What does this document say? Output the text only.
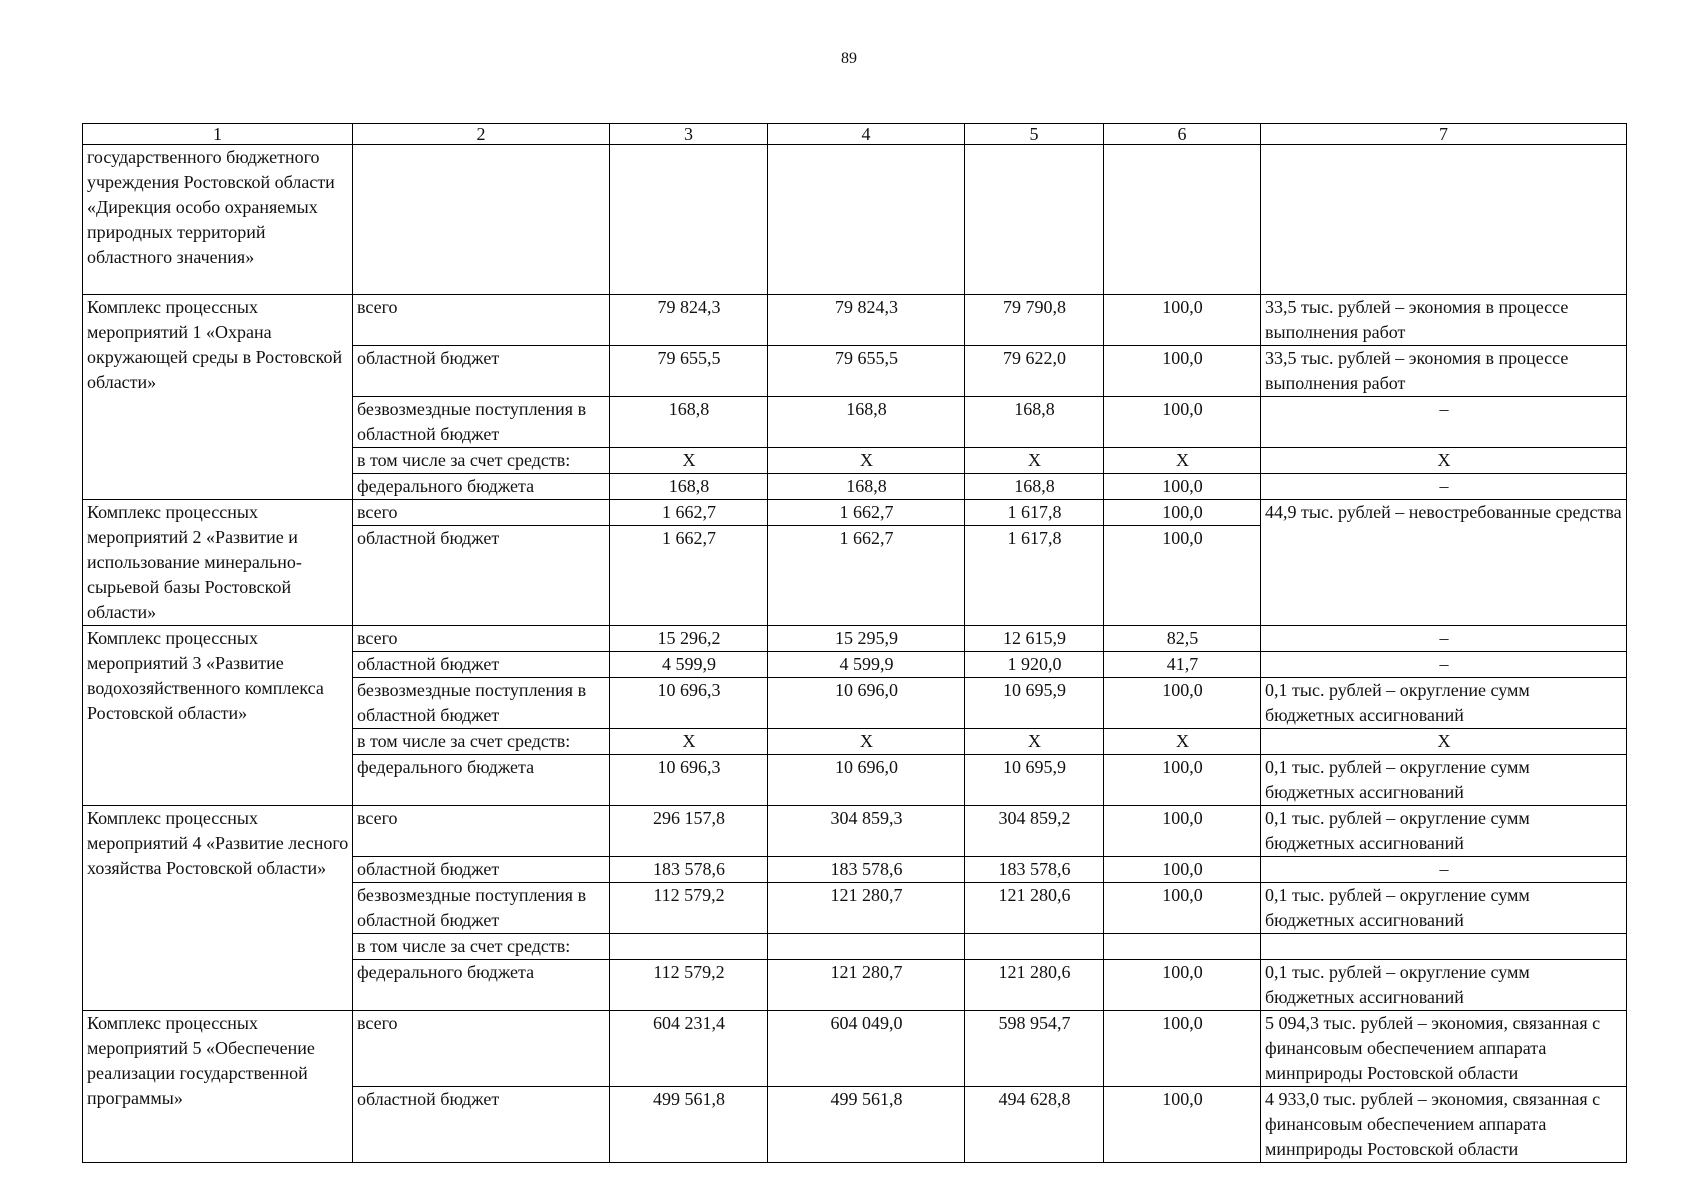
89
1	2	3	4	5	6	7
государственного бюджетного учреждения Ростовской области «Дирекция особо охраняемых природных территорий областного значения»						
Комплекс процессных мероприятий 1 «Охрана окружающей среды в Ростовской области»	всего	79 824,3	79 824,3	79 790,8	100,0	33,5 тыс. рублей – экономия в процессе выполнения работ
	областной бюджет	79 655,5	79 655,5	79 622,0	100,0	33,5 тыс. рублей – экономия в процессе выполнения работ
	безвозмездные поступления в областной бюджет	168,8	168,8	168,8	100,0	–
	в том числе за счет средств:	X	X	X	X	X
	федерального бюджета	168,8	168,8	168,8	100,0	–
Комплекс процессных мероприятий 2 «Развитие и использование минерально-сырьевой базы Ростовской области»	всего	1 662,7	1 662,7	1 617,8	100,0	44,9 тыс. рублей – невостребованные средства
	областной бюджет	1 662,7	1 662,7	1 617,8	100,0	
Комплекс процессных мероприятий 3 «Развитие водохозяйственного комплекса Ростовской области»	всего	15 296,2	15 295,9	12 615,9	82,5	–
	областной бюджет	4 599,9	4 599,9	1 920,0	41,7	–
	безвозмездные поступления в областной бюджет	10 696,3	10 696,0	10 695,9	100,0	0,1 тыс. рублей – округление сумм бюджетных ассигнований
	в том числе за счет средств:	X	X	X	X	X
	федерального бюджета	10 696,3	10 696,0	10 695,9	100,0	0,1 тыс. рублей – округление сумм бюджетных ассигнований
Комплекс процессных мероприятий 4 «Развитие лесного хозяйства Ростовской области»	всего	296 157,8	304 859,3	304 859,2	100,0	0,1 тыс. рублей – округление сумм бюджетных ассигнований
	областной бюджет	183 578,6	183 578,6	183 578,6	100,0	–
	безвозмездные поступления в областной бюджет	112 579,2	121 280,7	121 280,6	100,0	0,1 тыс. рублей – округление сумм бюджетных ассигнований
	в том числе за счет средств:					
	федерального бюджета	112 579,2	121 280,7	121 280,6	100,0	0,1 тыс. рублей – округление сумм бюджетных ассигнований
Комплекс процессных мероприятий 5 «Обеспечение реализации государственной программы»	всего	604 231,4	604 049,0	598 954,7	100,0	5 094,3 тыс. рублей – экономия, связанная с финансовым обеспечением аппарата минприроды Ростовской области
	областной бюджет	499 561,8	499 561,8	494 628,8	100,0	4 933,0 тыс. рублей – экономия, связанная с финансовым обеспечением аппарата минприроды Ростовской области
